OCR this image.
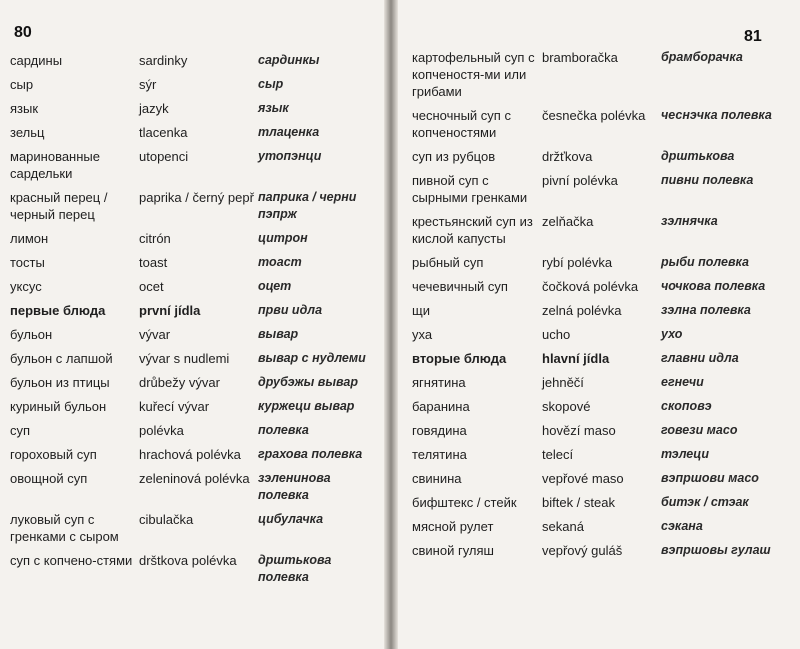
80	81
сардины	sardinky	сардинкы
сыр	sýr	сыр
язык	jazyk	язык
зельц	tlacenka	тлаценка
маринованные сардельки	utopenci	утопэнци
красный перец / черный перец	paprika / černý pepř	паприка / черни пэпрж
лимон	citrón	цитрон
тосты	toast	тоаст
уксус	ocet	оцет
первые блюда	první jídla	први идла
бульон	vývar	вывар
бульон с лапшой	vývar s nudlemi	вывар с нудлеми
бульон из птицы	drůbežy vývar	друбэжы вывар
куриный бульон	kuřecí vývar	куржеци вывар
суп	polévka	полевка
гороховый суп	hrachová polévka	грахова полевка
овощной суп	zeleninová polévka	зэленинова полевка
луковый суп с гренками с сыром	cibulačka	цибулачка
суп с копчено-стями	drštkova polévka	дрштькова полевка
картофельный суп с копченостя-ми или грибами	bramboračka	брамборачка
чесночный суп с копченостями	česnečka polévka	чеснэчка полевка
суп из рубцов	držťkova	дрштькова
пивной суп с сырными гренками	pivní polévka	пивни полевка
крестьянский суп из кислой капусты	zelňačka	зэлнячка
рыбный суп	rybí polévka	рыби полевка
чечевичный суп	čočková polévka	чочкова полевка
щи	zelná polévka	зэлна полевка
уха	ucho	ухо
вторые блюда	hlavní jídla	главни идла
ягнятина	jehněčí	егнечи
баранина	skopové	скоповэ
говядина	hovězí maso	говези масо
телятина	telecí	тэлеци
свинина	vepřové maso	вэпршови масо
бифштекс / стейк	biftek / steak	битэк / стэак
мясной рулет	sekaná	сэкана
свиной гуляш	vepřový guláš	вэпршовы гулаш
